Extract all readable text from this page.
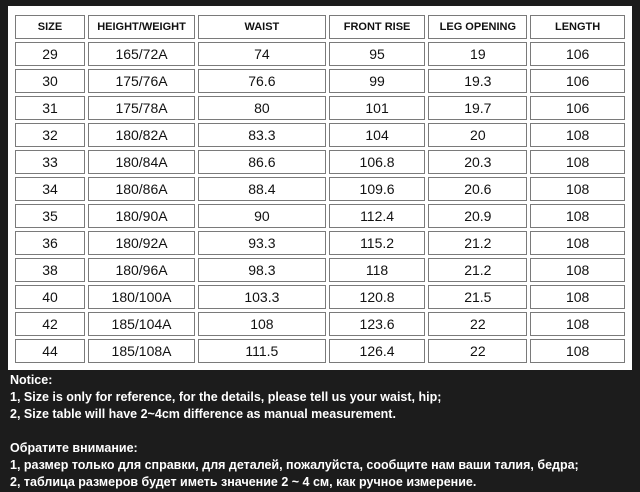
SIZE	HEIGHT/WEIGHT	WAIST	FRONT RISE	LEG OPENING	LENGTH
29	165/72A	74	95	19	106
30	175/76A	76.6	99	19.3	106
31	175/78A	80	101	19.7	106
32	180/82A	83.3	104	20	108
33	180/84A	86.6	106.8	20.3	108
34	180/86A	88.4	109.6	20.6	108
35	180/90A	90	112.4	20.9	108
36	180/92A	93.3	115.2	21.2	108
38	180/96A	98.3	118	21.2	108
40	180/100A	103.3	120.8	21.5	108
42	185/104A	108	123.6	22	108
44	185/108A	111.5	126.4	22	108

Notice:

1, Size is only for reference, for the details, please tell us your waist, hip;

2, Size table will have 2~4cm difference as manual measurement.

Обратите внимание:

1, размер только для справки, для деталей, пожалуйста, сообщите нам ваши талия, бедра;

2, таблица размеров будет иметь значение 2 ~ 4 см, как ручное измерение.
